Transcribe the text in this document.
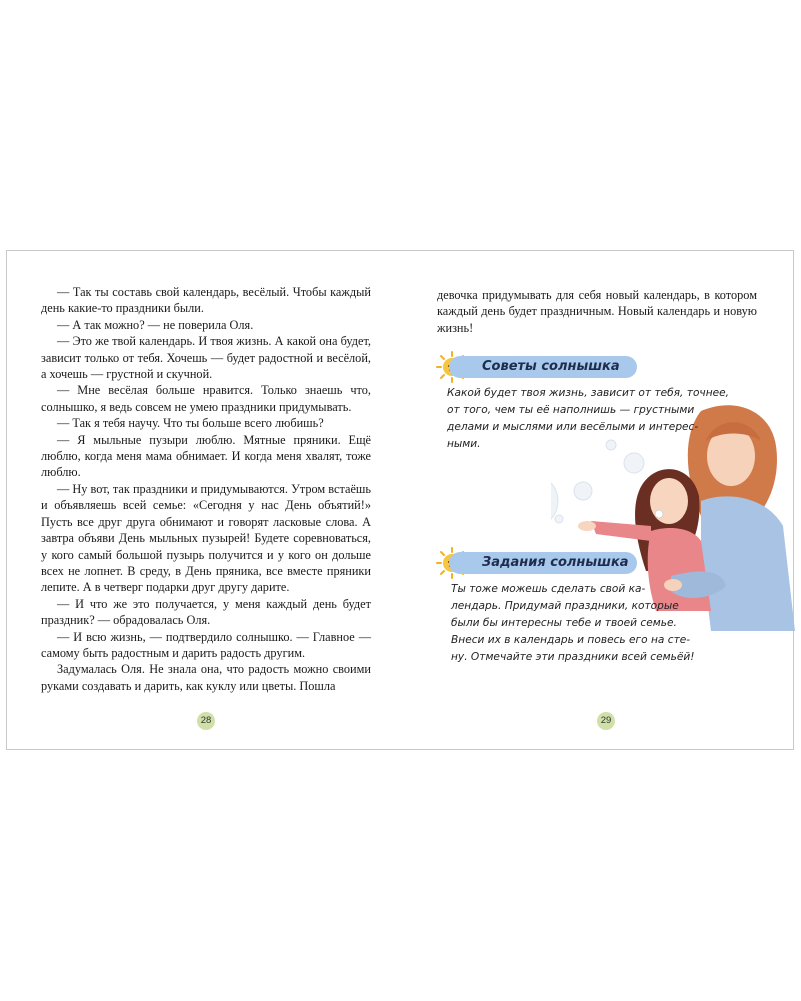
— Так ты составь свой календарь, весёлый. Чтобы каждый день какие-то праздники были.

— А так можно? — не поверила Оля.

— Это же твой календарь. И твоя жизнь. А какой она будет, зависит только от тебя. Хочешь — будет радостной и весёлой, а хочешь — грустной и скучной.

— Мне весёлая больше нравится. Только знаешь что, солнышко, я ведь совсем не умею праздники придумывать.

— Так я тебя научу. Что ты больше всего любишь?

— Я мыльные пузыри люблю. Мятные пряники. Ещё люблю, когда меня мама обнимает. И когда меня хвалят, тоже люблю.

— Ну вот, так праздники и придумываются. Утром встаёшь и объявляешь всей семье: «Сегодня у нас День объятий!» Пусть все друг друга обнимают и говорят ласковые слова. А завтра объяви День мыльных пузырей! Будете соревноваться, у кого самый большой пузырь получится и у кого он дольше всех не лопнет. В среду, в День пряника, все вместе пряники лепите. А в четверг подарки друг другу дарите.

— И что же это получается, у меня каждый день будет праздник? — обрадовалась Оля.

— И всю жизнь, — подтвердило солнышко. — Главное — самому быть радостным и дарить радость другим.

Задумалась Оля. Не знала она, что радость можно своими руками создавать и дарить, как куклу или цветы. Пошла

28

девочка придумывать для себя новый календарь, в котором каждый день будет праздничным. Новый календарь и новую жизнь!

Советы солнышка
Какой будет твоя жизнь, зависит от тебя, точнее,
от того, чем ты её наполнишь — грустными
делами и мыслями или весёлыми и интерес-
ными.
Задания солнышка
Ты тоже можешь сделать свой ка-
лендарь. Придумай праздники, которые
были бы интересны тебе и твоей семье.
Внеси их в календарь и повесь его на сте-
ну. Отмечайте эти праздники всей семьёй!
29
